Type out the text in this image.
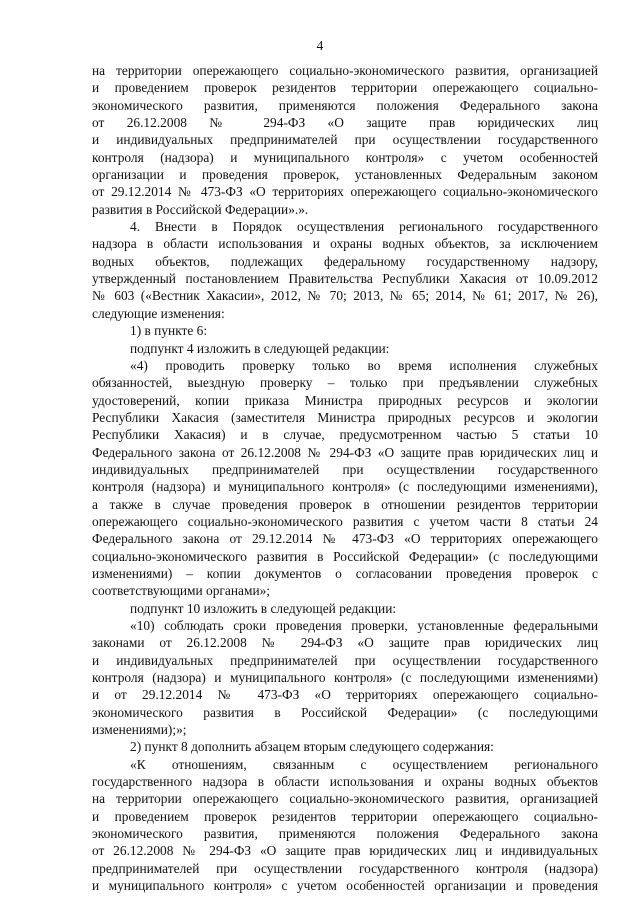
4
на территории опережающего социально-экономического развития, организацией
и проведением проверок резидентов территории опережающего социально-
экономического развития, применяются положения Федерального закона
от 26.12.2008 № 294-ФЗ «О защите прав юридических лиц
и индивидуальных предпринимателей при осуществлении государственного
контроля (надзора) и муниципального контроля» с учетом особенностей
организации и проведения проверок, установленных Федеральным законом
от 29.12.2014 № 473-ФЗ «О территориях опережающего социально-экономического
развития в Российской Федерации».».
4. Внести в Порядок осуществления регионального государственного
надзора в области использования и охраны водных объектов, за исключением
водных объектов, подлежащих федеральному государственному надзору,
утвержденный постановлением Правительства Республики Хакасия от 10.09.2012
№ 603 («Вестник Хакасии», 2012, № 70; 2013, № 65; 2014, № 61; 2017, № 26),
следующие изменения:
1) в пункте 6:
подпункт 4 изложить в следующей редакции:
«4) проводить проверку только во время исполнения служебных
обязанностей, выездную проверку – только при предъявлении служебных
удостоверений, копии приказа Министра природных ресурсов и экологии
Республики Хакасия (заместителя Министра природных ресурсов и экологии
Республики Хакасия) и в случае, предусмотренном частью 5 статьи 10
Федерального закона от 26.12.2008 № 294-ФЗ «О защите прав юридических лиц и
индивидуальных предпринимателей при осуществлении государственного
контроля (надзора) и муниципального контроля» (с последующими изменениями),
а также в случае проведения проверок в отношении резидентов территории
опережающего социально-экономического развития с учетом части 8 статьи 24
Федерального закона от 29.12.2014 № 473-ФЗ «О территориях опережающего
социально-экономического развития в Российской Федерации» (с последующими
изменениями) – копии документов о согласовании проведения проверок с
соответствующими органами»;
подпункт 10 изложить в следующей редакции:
«10) соблюдать сроки проведения проверки, установленные федеральными
законами от 26.12.2008 № 294-ФЗ «О защите прав юридических лиц
и индивидуальных предпринимателей при осуществлении государственного
контроля (надзора) и муниципального контроля» (с последующими изменениями)
и от 29.12.2014 № 473-ФЗ «О территориях опережающего социально-
экономического развития в Российской Федерации» (с последующими
изменениями);»;
2) пункт 8 дополнить абзацем вторым следующего содержания:
«К отношениям, связанным с осуществлением регионального
государственного надзора в области использования и охраны водных объектов
на территории опережающего социально-экономического развития, организацией
и проведением проверок резидентов территории опережающего социально-
экономического развития, применяются положения Федерального закона
от 26.12.2008 № 294-ФЗ «О защите прав юридических лиц и индивидуальных
предпринимателей при осуществлении государственного контроля (надзора)
и муниципального контроля» с учетом особенностей организации и проведения
